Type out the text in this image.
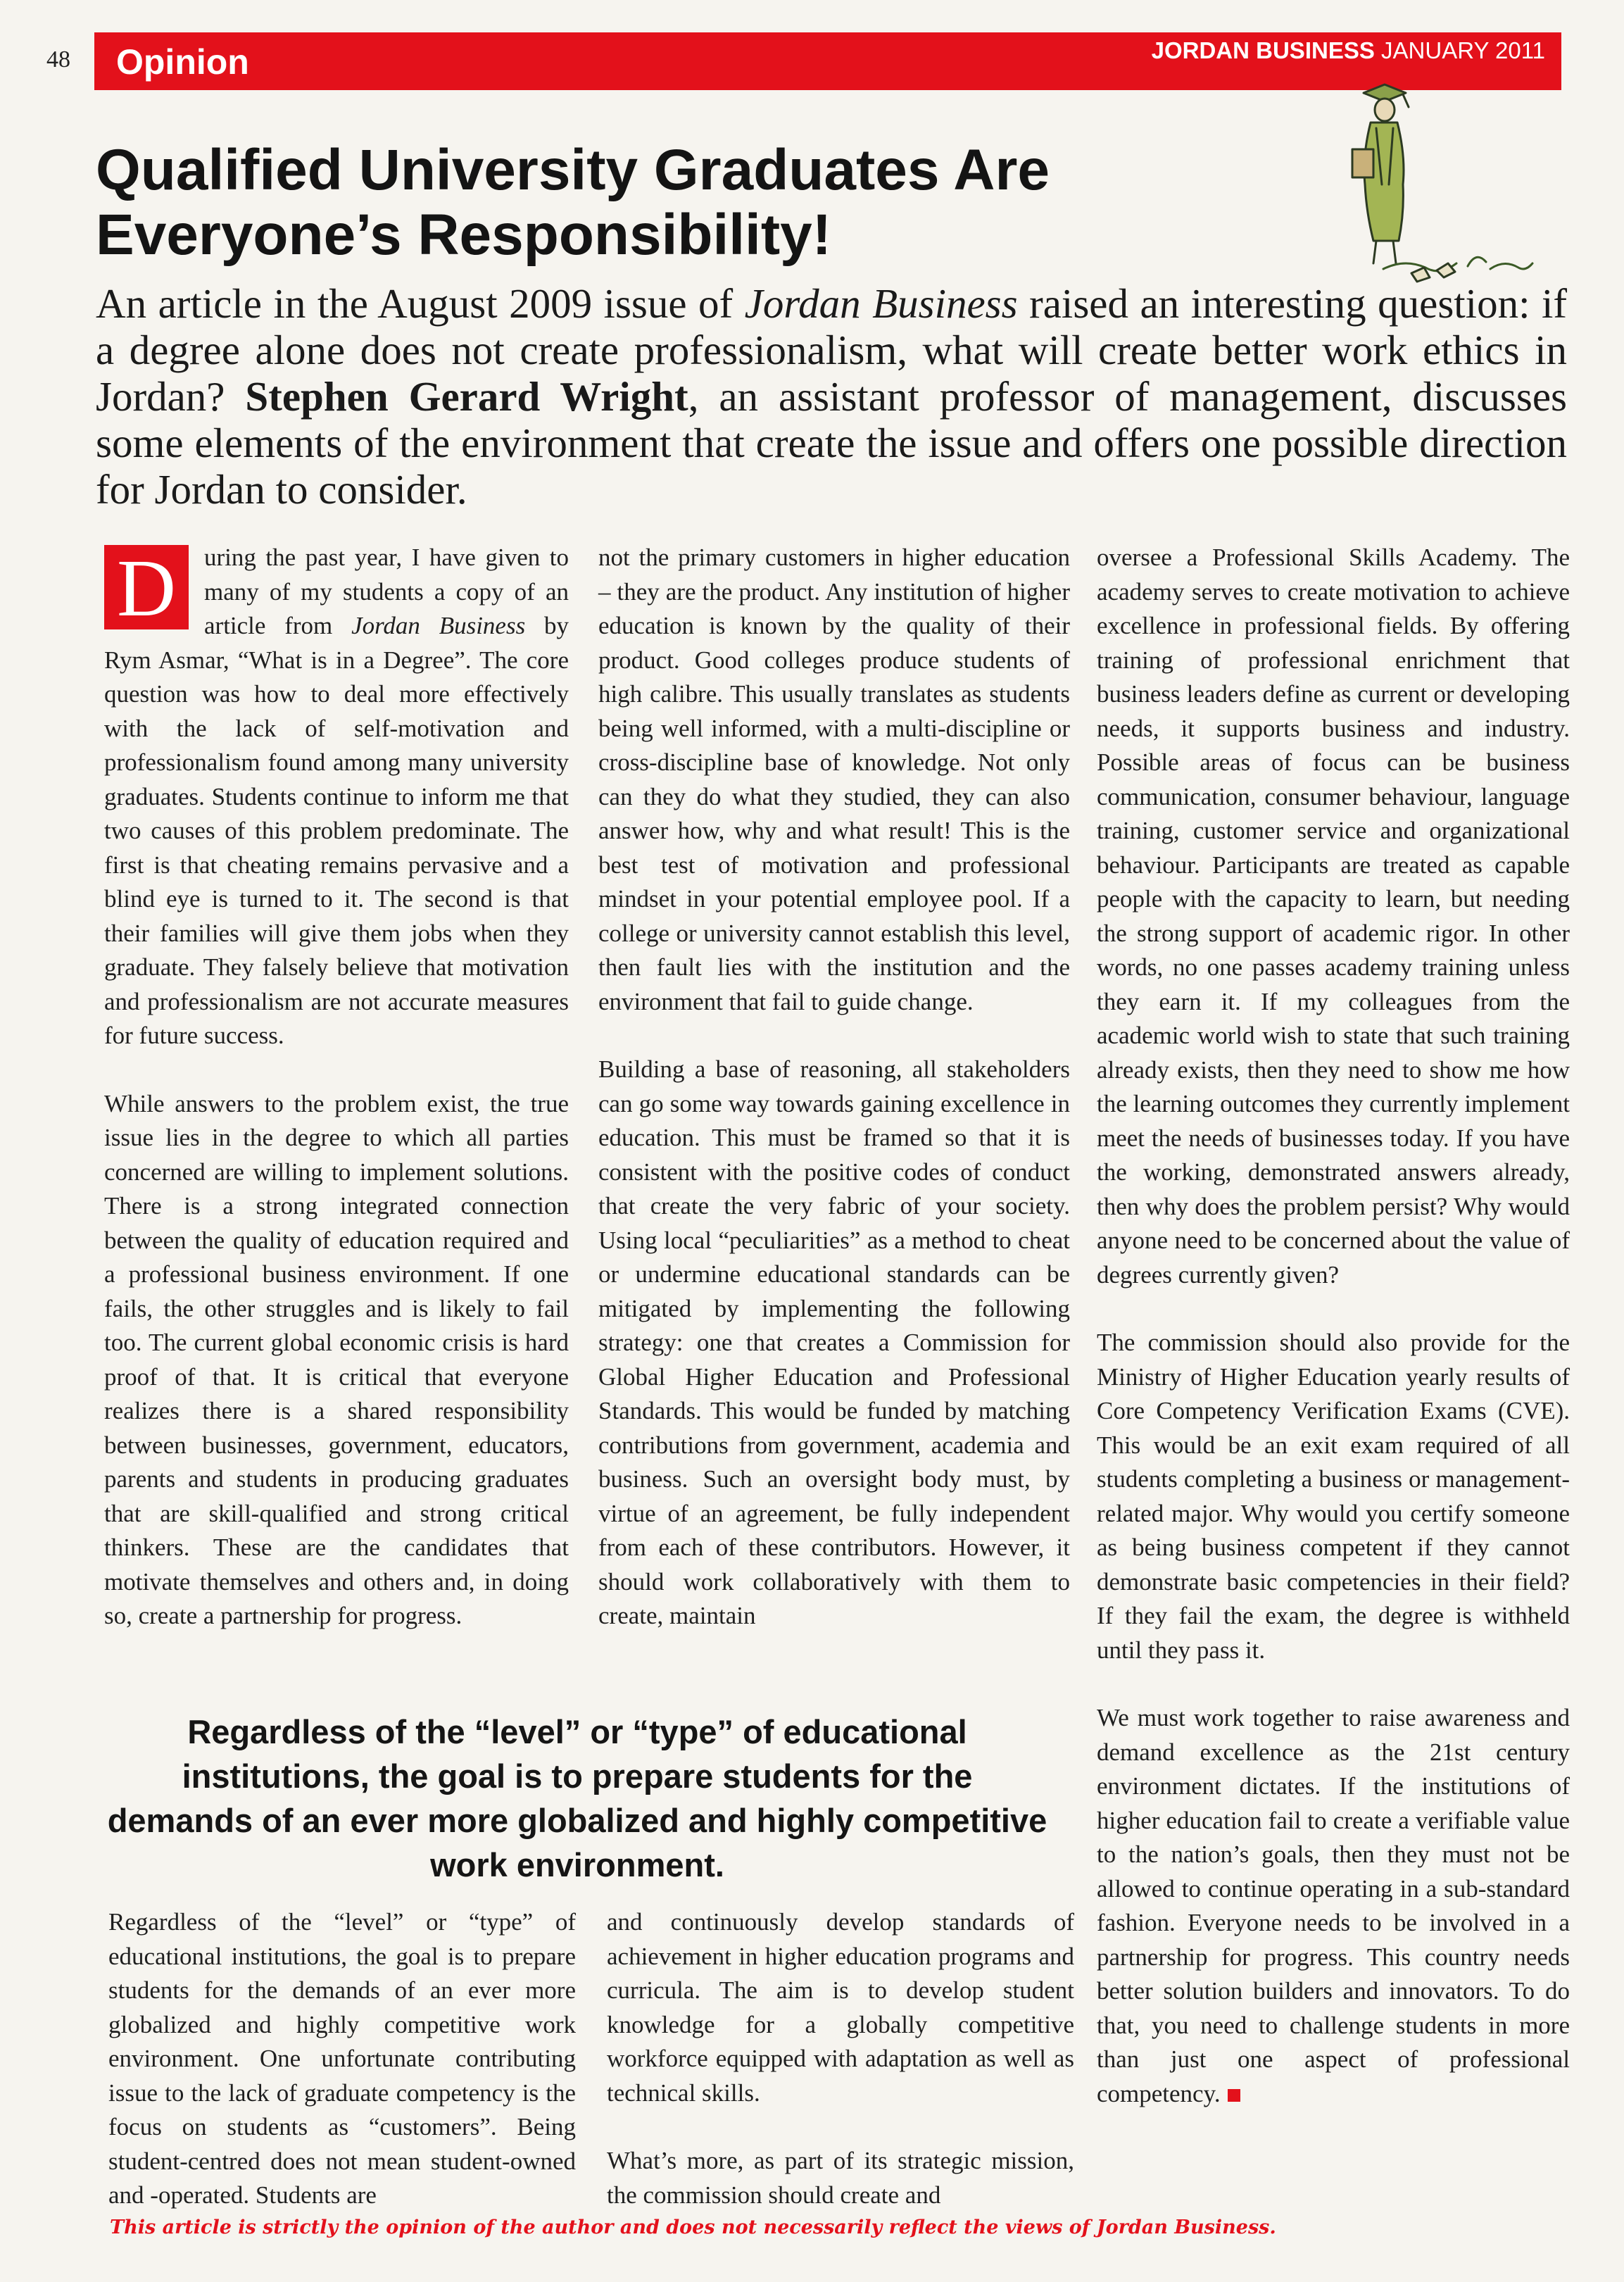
48 Opinion	JORDAN BUSINESS JANUARY 2011
Qualified University Graduates Are Everyone’s Responsibility!

An article in the August 2009 issue of Jordan Business raised an interesting question: if a degree alone does not create professionalism, what will create better work ethics in Jordan? Stephen Gerard Wright, an assistant professor of management, discusses some elements of the environment that create the issue and offers one possible direction for Jordan to consider.

D	uring the past year, I have given to many of my students a copy of an article from Jordan Business by Rym Asmar, “What is in a Degree”. The core question was how to deal more effectively with the lack of self-motivation and professionalism found among many university graduates. Students continue to inform me that two causes of this problem predominate. The first is that cheating remains pervasive and a blind eye is turned to it. The second is that their families will give them jobs when they graduate. They falsely believe that motivation and professionalism are not accurate measures for future success.

While answers to the problem exist, the true issue lies in the degree to which all parties concerned are willing to implement solutions. There is a strong integrated connection between the quality of education required and a professional business environment. If one fails, the other struggles and is likely to fail too. The current global economic crisis is hard proof of that. It is critical that everyone realizes there is a shared responsibility between businesses, government, educators, parents and students in producing graduates that are skill-qualified and strong critical thinkers. These are the candidates that motivate themselves and others and, in doing so, create a partnership for progress.

not the primary customers in higher education – they are the product. Any institution of higher education is known by the quality of their product. Good colleges produce students of high calibre. This usually translates as students being well informed, with a multi-discipline or cross-discipline base of knowledge. Not only can they do what they studied, they can also answer how, why and what result! This is the best test of motivation and professional mindset in your potential employee pool. If a college or university cannot establish this level, then fault lies with the institution and the environment that fail to guide change.

Building a base of reasoning, all stakeholders can go some way towards gaining excellence in education. This must be framed so that it is consistent with the positive codes of conduct that create the very fabric of your society. Using local “peculiarities” as a method to cheat or undermine educational standards can be mitigated by implementing the following strategy: one that creates a Commission for Global Higher Education and Professional Standards. This would be funded by matching contributions from government, academia and business. Such an oversight body must, by virtue of an agreement, be fully independent from each of these contributors. However, it should work collaboratively with them to create, maintain

oversee a Professional Skills Academy. The academy serves to create motivation to achieve excellence in professional fields. By offering training of professional enrichment that business leaders define as current or developing needs, it supports business and industry. Possible areas of focus can be business communication, consumer behaviour, language training, customer service and organizational behaviour. Participants are treated as capable people with the capacity to learn, but needing the strong support of academic rigor. In other words, no one passes academy training unless they earn it. If my colleagues from the academic world wish to state that such training already exists, then they need to show me how the learning outcomes they currently implement meet the needs of businesses today. If you have the working, demonstrated answers already, then why does the problem persist? Why would anyone need to be concerned about the value of degrees currently given?

The commission should also provide for the Ministry of Higher Education yearly results of Core Competency Verification Exams (CVE). This would be an exit exam required of all students completing a business or management-related major. Why would you certify someone as being business competent if they cannot demonstrate basic competencies in their field? If they fail the exam, the degree is withheld until they pass it.

We must work together to raise awareness and demand excellence as the 21st century environment dictates. If the institutions of higher education fail to create a verifiable value to the nation’s goals, then they must not be allowed to continue operating in a sub-standard fashion. Everyone needs to be involved in a partnership for progress. This country needs better solution builders and innovators. To do that, you need to challenge students in more than just one aspect of professional competency.

Regardless of the “level” or “type” of educational institutions, the goal is to prepare students for the demands of an ever more globalized and highly competitive work environment.

Regardless of the “level” or “type” of educational institutions, the goal is to prepare students for the demands of an ever more globalized and highly competitive work environment. One unfortunate contributing issue to the lack of graduate competency is the focus on students as “customers”. Being student-centred does not mean student-owned and -operated. Students are

and continuously develop standards of achievement in higher education programs and curricula. The aim is to develop student knowledge for a globally competitive workforce equipped with adaptation as well as technical skills.

What’s more, as part of its strategic mission, the commission should create and

This article is strictly the opinion of the author and does not necessarily reflect the views of Jordan Business.
